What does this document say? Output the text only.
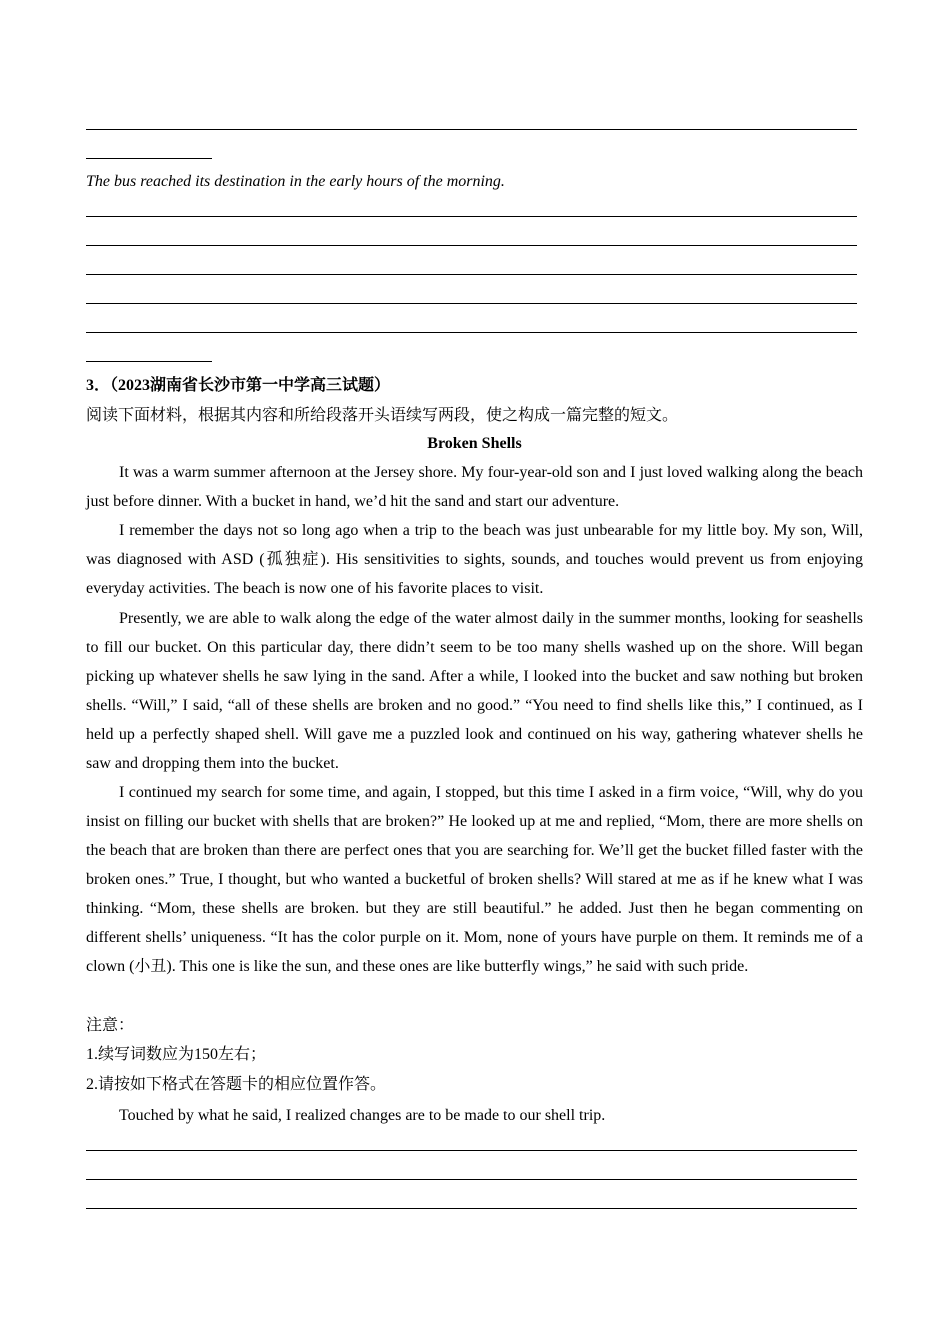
The bus reached its destination in the early hours of the morning.
3．（2023湖南省长沙市第一中学高三试题）
阅读下面材料，根据其内容和所给段落开头语续写两段，使之构成一篇完整的短文。
Broken Shells
It was a warm summer afternoon at the Jersey shore. My four-year-old son and I just loved walking along the beach just before dinner. With a bucket in hand, we’d hit the sand and start our adventure.
I remember the days not so long ago when a trip to the beach was just unbearable for my little boy. My son, Will, was diagnosed with ASD (孤独症). His sensitivities to sights, sounds, and touches would prevent us from enjoying everyday activities. The beach is now one of his favorite places to visit.
Presently, we are able to walk along the edge of the water almost daily in the summer months, looking for seashells to fill our bucket. On this particular day, there didn’t seem to be too many shells washed up on the shore. Will began picking up whatever shells he saw lying in the sand. After a while, I looked into the bucket and saw nothing but broken shells. “Will,” I said, “all of these shells are broken and no good.” “You need to find shells like this,” I continued, as I held up a perfectly shaped shell. Will gave me a puzzled look and continued on his way, gathering whatever shells he saw and dropping them into the bucket.
I continued my search for some time, and again, I stopped, but this time I asked in a firm voice, “Will, why do you insist on filling our bucket with shells that are broken?” He looked up at me and replied, “Mom, there are more shells on the beach that are broken than there are perfect ones that you are searching for. We’ll get the bucket filled faster with the broken ones.” True, I thought, but who wanted a bucketful of broken shells? Will stared at me as if he knew what I was thinking. “Mom, these shells are broken. but they are still beautiful.” he added. Just then he began commenting on different shells’ uniqueness. “It has the color purple on it. Mom, none of yours have purple on them. It reminds me of a clown (小丑). This one is like the sun, and these ones are like butterfly wings,” he said with such pride.
注意：
1.续写词数应为150左右；
2.请按如下格式在答题卡的相应位置作答。
Touched by what he said, I realized changes are to be made to our shell trip.
